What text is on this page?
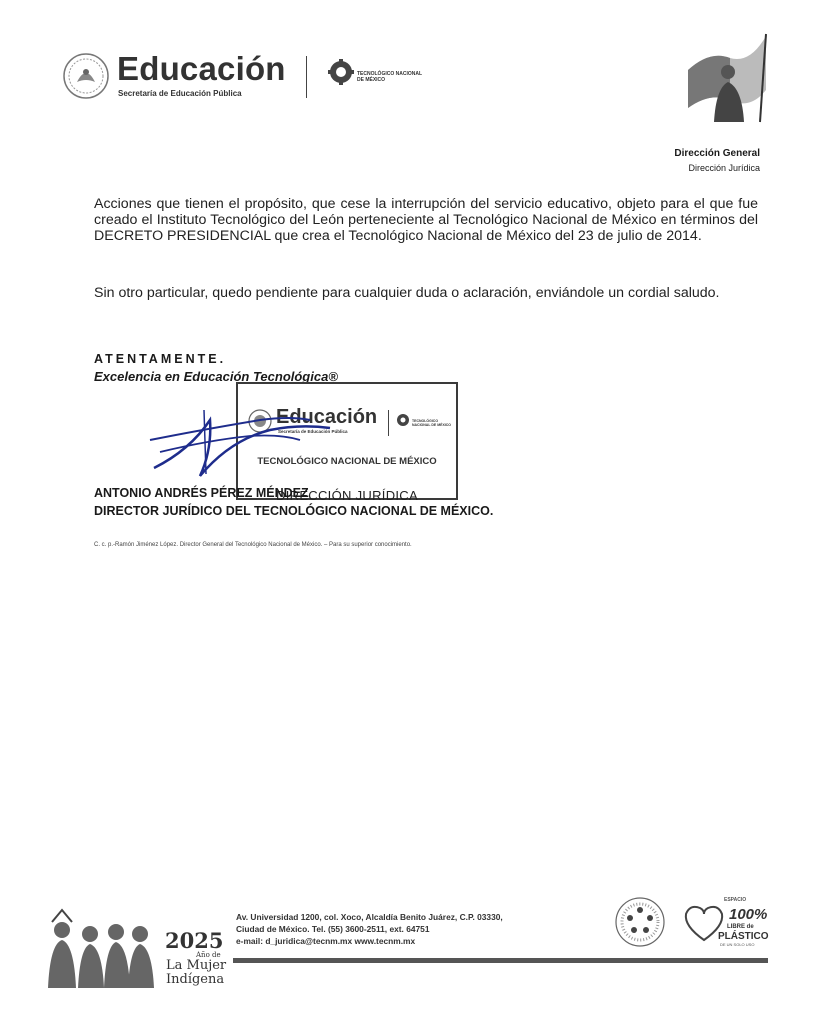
Educación
Secretaría de Educación Pública
TECNOLÓGICO NACIONAL DE MÉXICO
Dirección General
Dirección Jurídica
Acciones que tienen el propósito, que cese la interrupción del servicio educativo, objeto para el que fue creado el Instituto Tecnológico del León perteneciente al Tecnológico Nacional de México en términos del DECRETO PRESIDENCIAL que crea el Tecnológico Nacional de México del 23 de julio de 2014.
Sin otro particular, quedo pendiente para cualquier duda o aclaración, enviándole un cordial saludo.
ATENTAMENTE.
Excelencia en Educación Tecnológica®
Educación
Secretaría de Educación Pública
TECNOLÓGICO NACIONAL DE MÉXICO
TECNOLÓGICO NACIONAL DE MÉXICO
DIRECCIÓN JURÍDICA
ANTONIO ANDRÉS PÉREZ MÉNDEZ
DIRECTOR JURÍDICO DEL TECNOLÓGICO NACIONAL DE MÉXICO.
C. c. p.-Ramón Jiménez López. Director General del Tecnológico Nacional de México. – Para su superior conocimiento.
2025
Año de
La Mujer
Indígena
Av. Universidad 1200, col. Xoco, Alcaldía Benito Juárez, C.P. 03330,
Ciudad de México. Tel. (55) 3600-2511, ext. 64751
e-mail: d_juridica@tecnm.mx www.tecnm.mx
ESPACIO
100%
LIBRE de
PLÁSTICO
DE UN SOLO USO
